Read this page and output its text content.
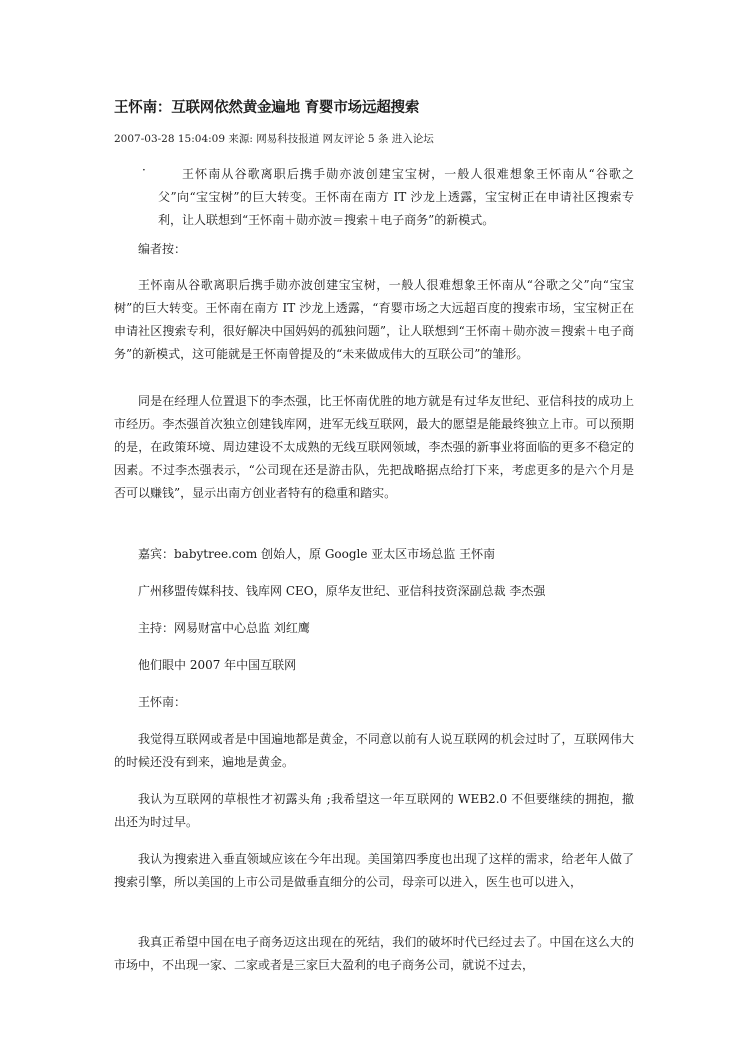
王怀南：互联网依然黄金遍地 育婴市场远超搜索
2007-03-28 15:04:09 来源: 网易科技报道 网友评论 5 条 进入论坛
·	王怀南从谷歌离职后携手勋亦波创建宝宝树，一般人很难想象王怀南从“谷歌之父”向“宝宝树”的巨大转变。王怀南在南方 IT 沙龙上透露，宝宝树正在申请社区搜索专利，让人联想到“王怀南＋勋亦波＝搜索＋电子商务”的新模式。

编者按：

王怀南从谷歌离职后携手勋亦波创建宝宝树，一般人很难想象王怀南从“谷歌之父”向“宝宝树”的巨大转变。王怀南在南方 IT 沙龙上透露，“育婴市场之大远超百度的搜索市场，宝宝树正在申请社区搜索专利，很好解决中国妈妈的孤独问题”，让人联想到“王怀南＋勋亦波＝搜索＋电子商务”的新模式，这可能就是王怀南曾提及的“未来做成伟大的互联公司”的雏形。

同是在经理人位置退下的李杰强，比王怀南优胜的地方就是有过华友世纪、亚信科技的成功上市经历。李杰强首次独立创建钱库网，进军无线互联网，最大的愿望是能最终独立上市。可以预期的是，在政策环境、周边建设不太成熟的无线互联网领域，李杰强的新事业将面临的更多不稳定的因素。不过李杰强表示，“公司现在还是游击队，先把战略据点给打下来，考虑更多的是六个月是否可以赚钱”，显示出南方创业者特有的稳重和踏实。

嘉宾：babytree.com 创始人，原 Google 亚太区市场总监 王怀南

广州移盟传媒科技、钱库网 CEO，原华友世纪、亚信科技资深副总裁 李杰强

主持：网易财富中心总监 刘红鹰

他们眼中 2007 年中国互联网

王怀南：

我觉得互联网或者是中国遍地都是黄金，不同意以前有人说互联网的机会过时了，互联网伟大的时候还没有到来，遍地是黄金。

我认为互联网的草根性才初露头角 ;我希望这一年互联网的 WEB2.0 不但要继续的拥抱，撤出还为时过早。

我认为搜索进入垂直领域应该在今年出现。美国第四季度也出现了这样的需求，给老年人做了搜索引擎，所以美国的上市公司是做垂直细分的公司，母亲可以进入，医生也可以进入，

我真正希望中国在电子商务迈这出现在的死结，我们的破坏时代已经过去了。中国在这么大的市场中，不出现一家、二家或者是三家巨大盈利的电子商务公司，就说不过去，
